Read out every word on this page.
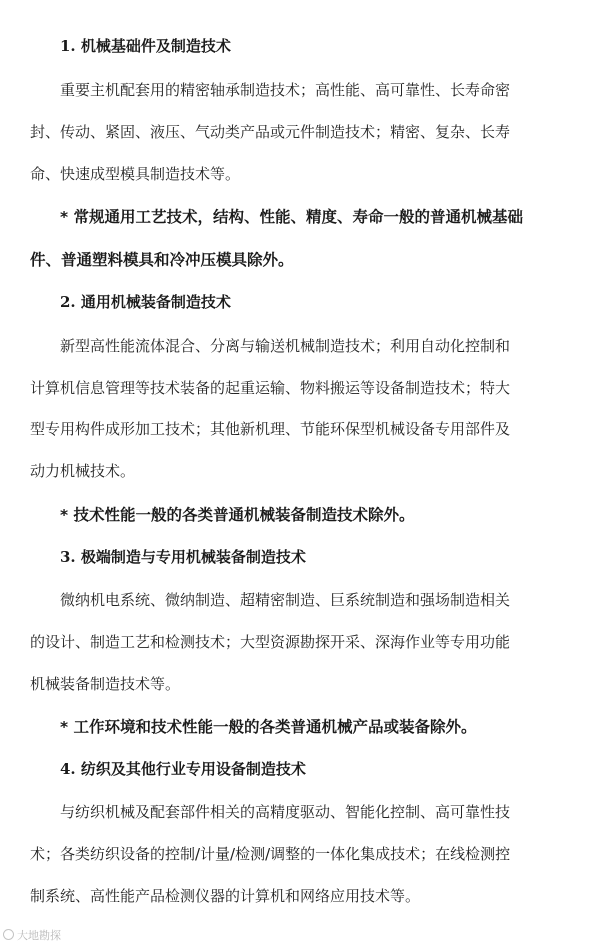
1. 机械基础件及制造技术
重要主机配套用的精密轴承制造技术；高性能、高可靠性、长寿命密
封、传动、紧固、液压、气动类产品或元件制造技术；精密、复杂、长寿
命、快速成型模具制造技术等。
* 常规通用工艺技术，结构、性能、精度、寿命一般的普通机械基础
件、普通塑料模具和冷冲压模具除外。
2. 通用机械装备制造技术
新型高性能流体混合、分离与输送机械制造技术；利用自动化控制和
计算机信息管理等技术装备的起重运输、物料搬运等设备制造技术；特大
型专用构件成形加工技术；其他新机理、节能环保型机械设备专用部件及
动力机械技术。
* 技术性能一般的各类普通机械装备制造技术除外。
3. 极端制造与专用机械装备制造技术
微纳机电系统、微纳制造、超精密制造、巨系统制造和强场制造相关
的设计、制造工艺和检测技术；大型资源勘探开采、深海作业等专用功能
机械装备制造技术等。
* 工作环境和技术性能一般的各类普通机械产品或装备除外。
4. 纺织及其他行业专用设备制造技术
与纺织机械及配套部件相关的高精度驱动、智能化控制、高可靠性技
术；各类纺织设备的控制/计量/检测/调整的一体化集成技术；在线检测控
制系统、高性能产品检测仪器的计算机和网络应用技术等。
大地勘探
